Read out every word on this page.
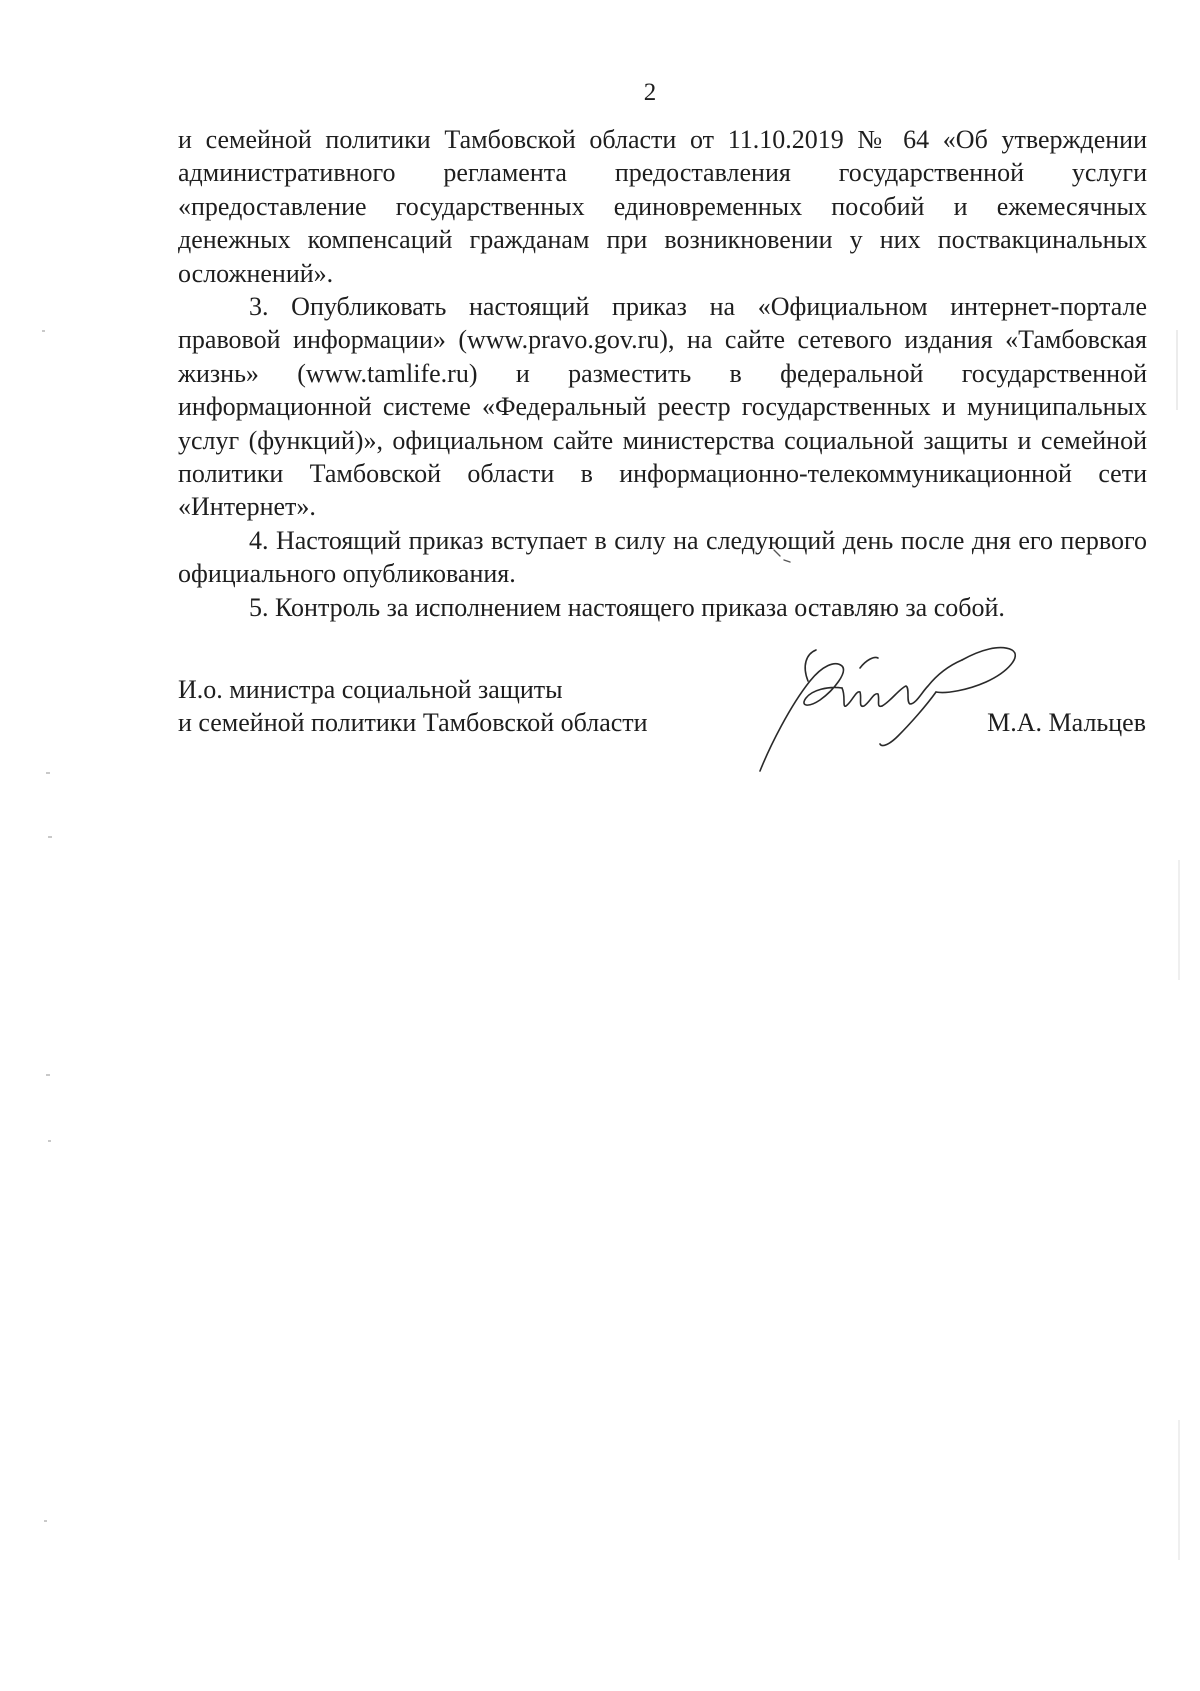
2

и семейной политики Тамбовской области от 11.10.2019 № 64 «Об утверждении административного регламента предоставления государственной услуги «предоставление государственных единовременных пособий и ежемесячных денежных компенсаций гражданам при возникновении у них поствакцинальных осложнений».

3. Опубликовать настоящий приказ на «Официальном интернет-портале правовой информации» (www.pravo.gov.ru), на сайте сетевого издания «Тамбовская жизнь» (www.tamlife.ru) и разместить в федеральной государственной информационной системе «Федеральный реестр государственных и муниципальных услуг (функций)», официальном сайте министерства социальной защиты и семейной политики Тамбовской области в информационно-телекоммуникационной сети «Интернет».

4. Настоящий приказ вступает в силу на следующий день после дня его первого официального опубликования.

5. Контроль за исполнением настоящего приказа оставляю за собой.

И.о. министра социальной защиты
и семейной политики Тамбовской области	М.А. Мальцев
